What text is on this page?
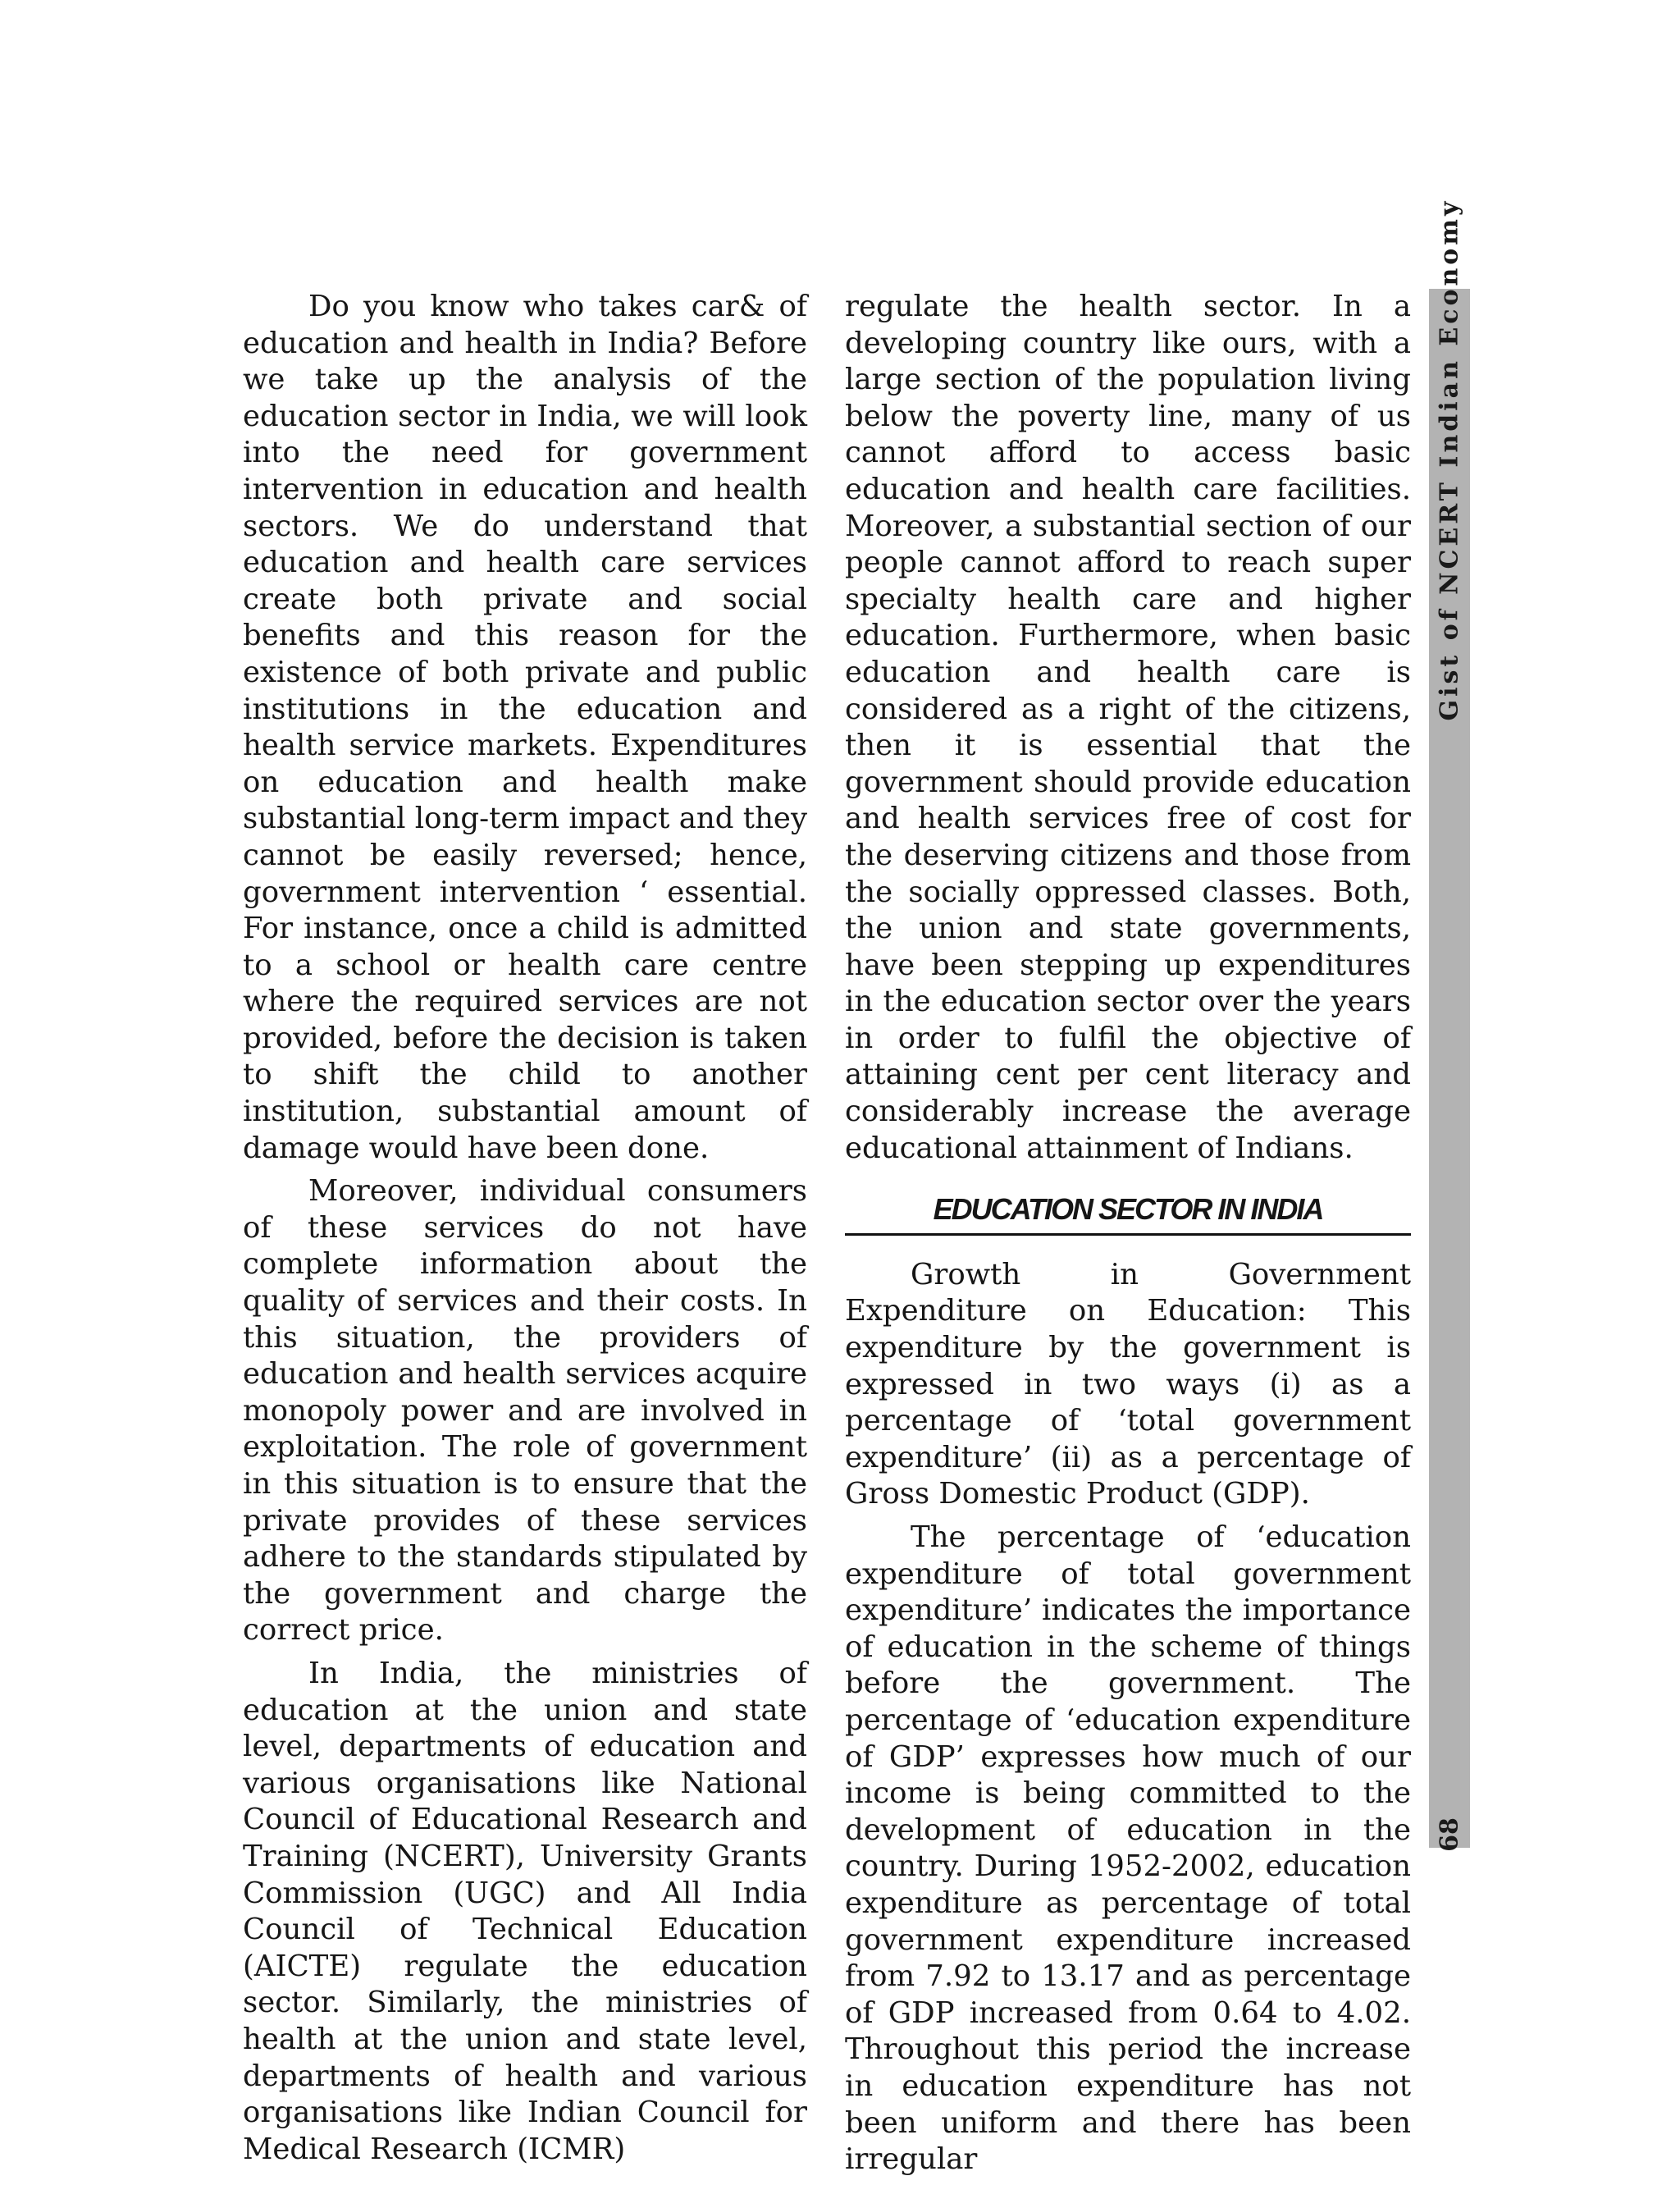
Do you know who takes car& of education and health in India? Before we take up the analysis of the education sector in India, we will look into the need for government intervention in education and health sectors. We do understand that education and health care services create both private and social benefits and this reason for the existence of both private and public institutions in the education and health service markets. Expenditures on education and health make substantial long-term impact and they cannot be easily reversed; hence, government intervention ‘ essential. For instance, once a child is admitted to a school or health care centre where the required services are not provided, before the decision is taken to shift the child to another institution, substantial amount of damage would have been done.

Moreover, individual consumers of these services do not have complete information about the quality of services and their costs. In this situation, the providers of education and health services acquire monopoly power and are involved in exploitation. The role of government in this situation is to ensure that the private provides of these services adhere to the standards stipulated by the government and charge the correct price.

In India, the ministries of education at the union and state level, departments of education and various organisations like National Council of Educational Research and Training (NCERT), University Grants Commission (UGC) and All India Council of Technical Education (AICTE) regulate the education sector. Similarly, the ministries of health at the union and state level, departments of health and various organisations like Indian Council for Medical Research (ICMR)

regulate the health sector. In a developing country like ours, with a large section of the population living below the poverty line, many of us cannot afford to access basic education and health care facilities. Moreover, a substantial section of our people cannot afford to reach super specialty health care and higher education. Furthermore, when basic education and health care is considered as a right of the citizens, then it is essential that the government should provide education and health services free of cost for the deserving citizens and those from the socially oppressed classes. Both, the union and state governments, have been stepping up expenditures in the education sector over the years in order to fulfil the objective of attaining cent per cent literacy and considerably increase the average educational attainment of Indians.

EDUCATION SECTOR IN INDIA

Growth in Government Expenditure on Education: This expenditure by the government is expressed in two ways (i) as a percentage of ‘total government expenditure’ (ii) as a percentage of Gross Domestic Product (GDP).

The percentage of ‘education expenditure of total government expenditure’ indicates the importance of education in the scheme of things before the government. The percentage of ‘education expenditure of GDP’ expresses how much of our income is being committed to the development of education in the country. During 1952-2002, education expenditure as percentage of total government expenditure increased from 7.92 to 13.17 and as percentage of GDP increased from 0.64 to 4.02. Throughout this period the increase in education expenditure has not been uniform and there has been irregular

Gist of NCERT Indian Economy
68
